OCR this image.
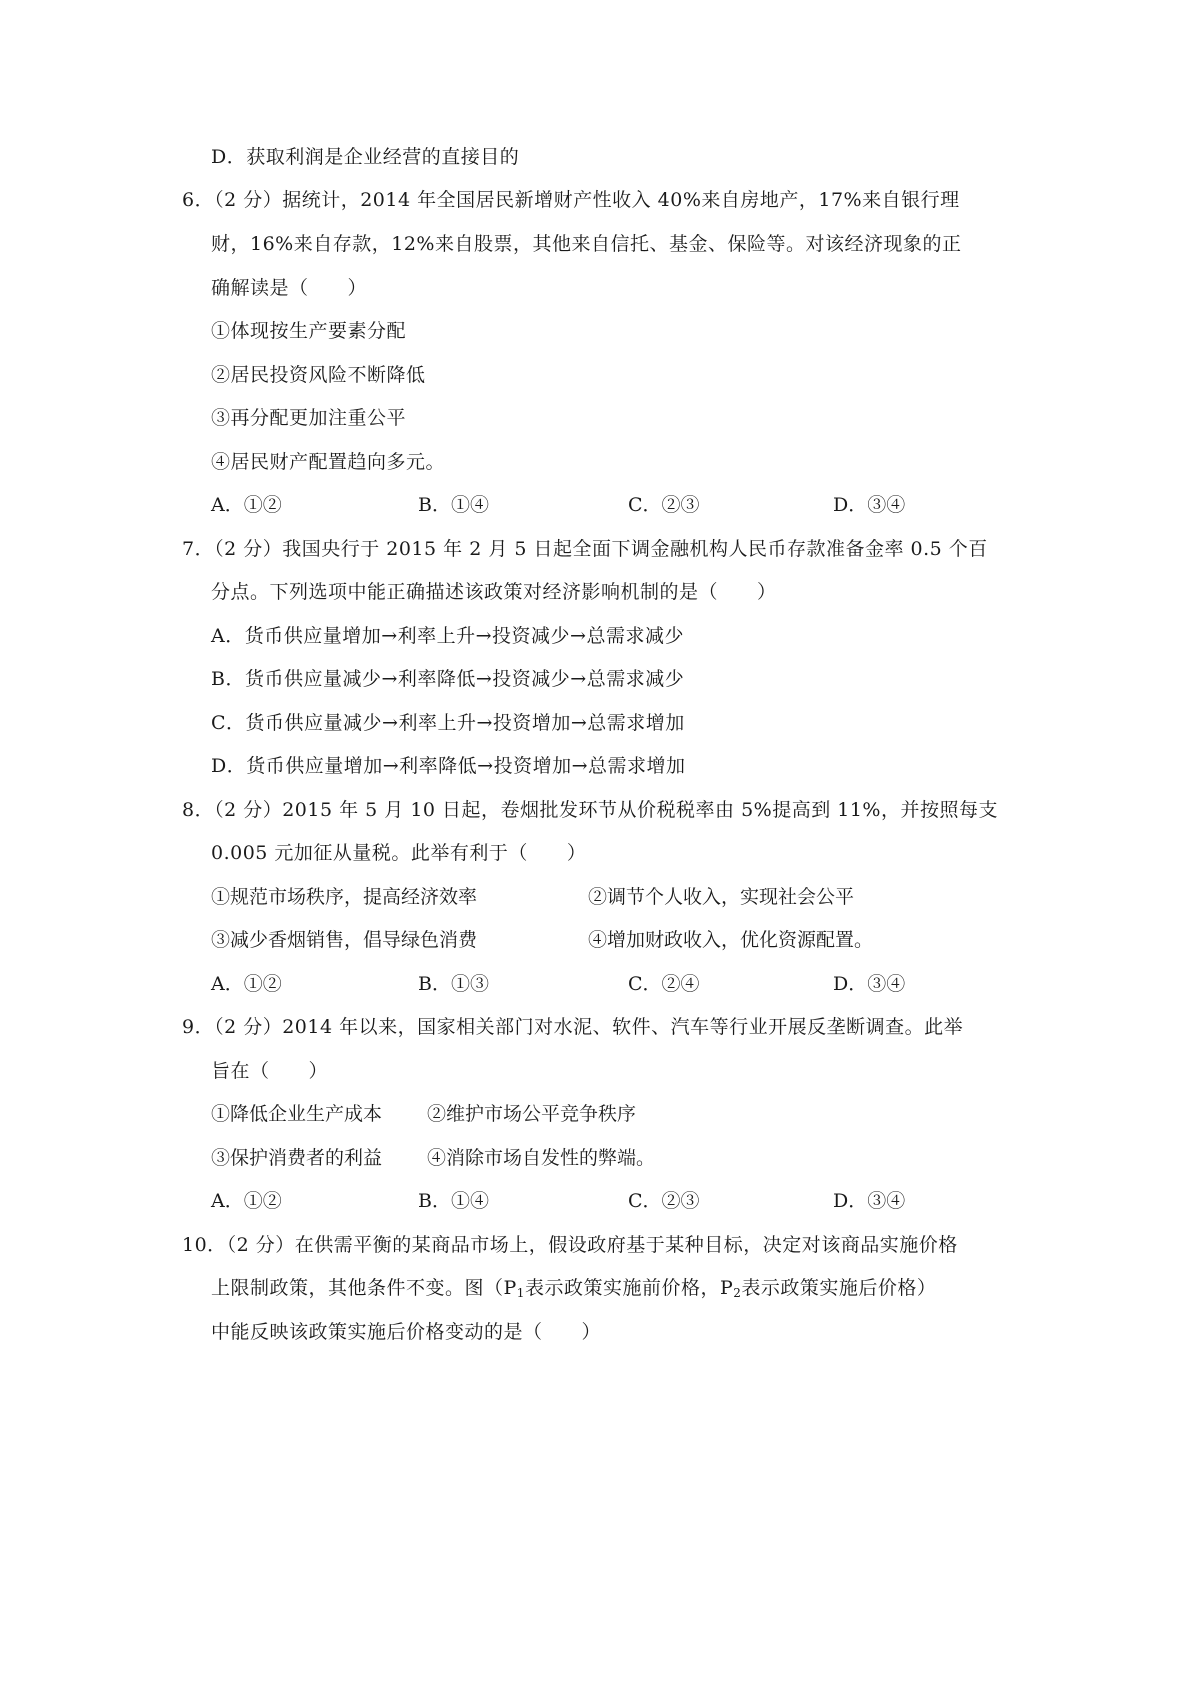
D．获取利润是企业经营的直接目的
6．（2 分）据统计，2014 年全国居民新增财产性收入 40%来自房地产，17%来自银行理
财，16%来自存款，12%来自股票，其他来自信托、基金、保险等。对该经济现象的正
确解读是（　　）
①体现按生产要素分配
②居民投资风险不断降低
③再分配更加注重公平
④居民财产配置趋向多元。
A．①②	B．①④	C．②③	D．③④
7．（2 分）我国央行于 2015 年 2 月 5 日起全面下调金融机构人民币存款准备金率 0.5 个百
分点。下列选项中能正确描述该政策对经济影响机制的是（　　）
A．货币供应量增加→利率上升→投资减少→总需求减少
B．货币供应量减少→利率降低→投资减少→总需求减少
C．货币供应量减少→利率上升→投资增加→总需求增加
D．货币供应量增加→利率降低→投资增加→总需求增加
8．（2 分）2015 年 5 月 10 日起，卷烟批发环节从价税税率由 5%提高到 11%，并按照每支
0.005 元加征从量税。此举有利于（　　）
①规范市场秩序，提高经济效率	②调节个人收入，实现社会公平
③减少香烟销售，倡导绿色消费	④增加财政收入，优化资源配置。
A．①②	B．①③	C．②④	D．③④
9．（2 分）2014 年以来，国家相关部门对水泥、软件、汽车等行业开展反垄断调查。此举
旨在（　　）
①降低企业生产成本 ②维护市场公平竞争秩序
③保护消费者的利益 ④消除市场自发性的弊端。
A．①②	B．①④	C．②③	D．③④
10．（2 分）在供需平衡的某商品市场上，假设政府基于某种目标，决定对该商品实施价格
上限制政策，其他条件不变。图（$P_1$表示政策实施前价格，$P_2$表示政策实施后价格）
中能反映该政策实施后价格变动的是（　　）
